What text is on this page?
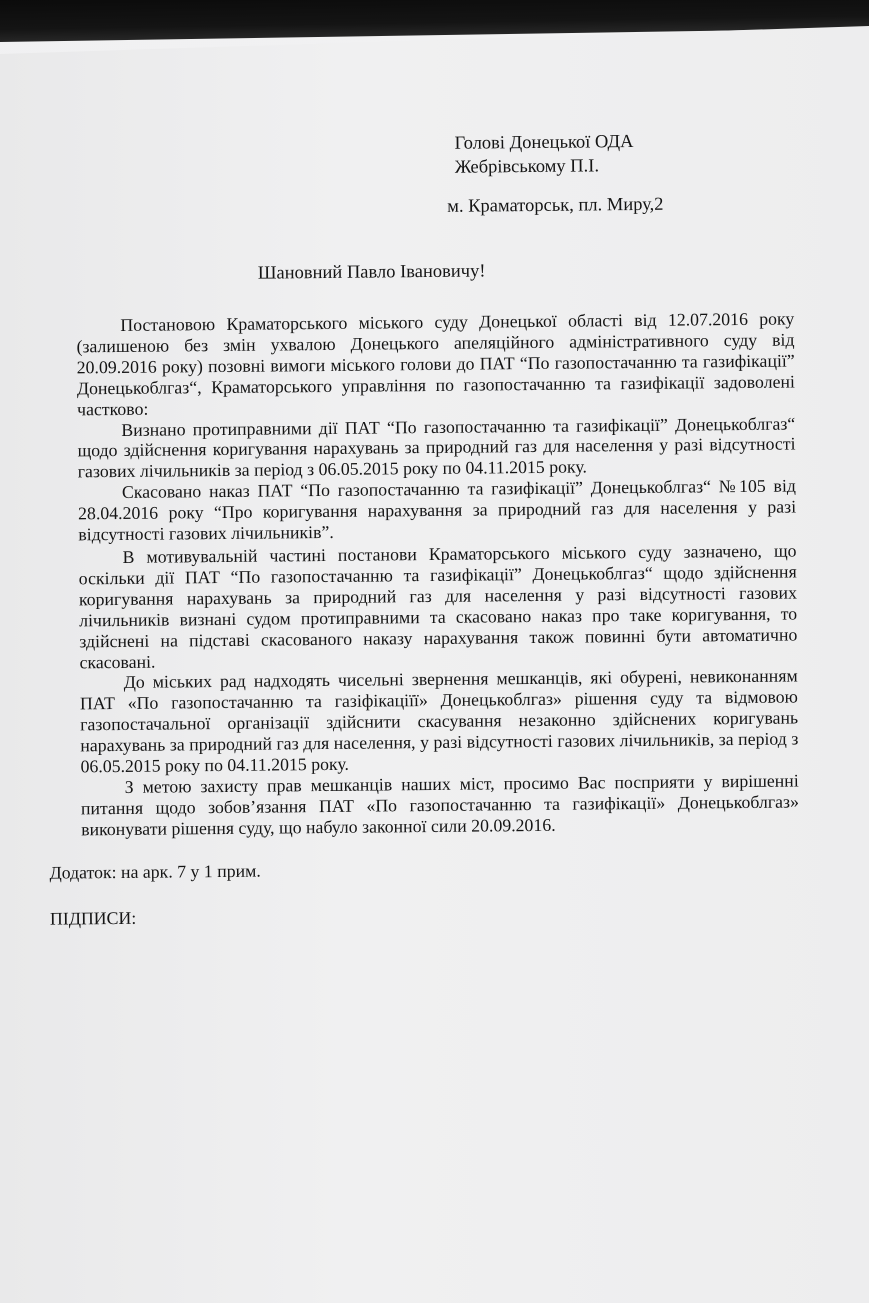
Голові Донецької ОДА
Жебрівському П.І.
м. Краматорськ, пл. Миру,2
Шановний Павло Івановичу!

Постановою Краматорського міського суду Донецької області від 12.07.2016 року (залишеною без змін ухвалою Донецького апеляційного адміністративного суду від 20.09.2016 року) позовні вимоги міського голови до ПАТ “По газопостачанню та газифікації” Донецькоблгаз“, Краматорського управління по газопостачанню та газифікації задоволені частково:

Визнано протиправними дії ПАТ “По газопостачанню та газифікації” Донецькоблгаз“ щодо здійснення коригування нарахувань за природний газ для населення у разі відсутності газових лічильників за період з 06.05.2015 року по 04.11.2015 року.

Скасовано наказ ПАТ “По газопостачанню та газифікації” Донецькоблгаз“ №105 від 28.04.2016 року “Про коригування нарахування за природний газ для населення у разі відсутності газових лічильників”.

В мотивувальній частині постанови Краматорського міського суду зазначено, що оскільки дії ПАТ “По газопостачанню та газифікації” Донецькоблгаз“ щодо здійснення коригування нарахувань за природний газ для населення у разі відсутності газових лічильників визнані судом протиправними та скасовано наказ про таке коригування, то здійснені на підставі скасованого наказу нарахування також повинні бути автоматично скасовані.

До міських рад надходять чисельні звернення мешканців, які обурені, невиконанням ПАТ «По газопостачанню та газіфікаціїї» Донецькоблгаз» рішення суду та відмовою газопостачальної організації здійснити скасування незаконно здійснених коригувань нарахувань за природний газ для населення, у разі відсутності газових лічильників, за період з 06.05.2015 року по 04.11.2015 року.

З метою захисту прав мешканців наших міст, просимо Вас посприяти у вирішенні питання щодо зобов’язання ПАТ «По газопостачанню та газифікації» Донецькоблгаз» виконувати рішення суду, що набуло законної сили 20.09.2016.

Додаток: на арк. 7 у 1 прим.
ПІДПИСИ:
